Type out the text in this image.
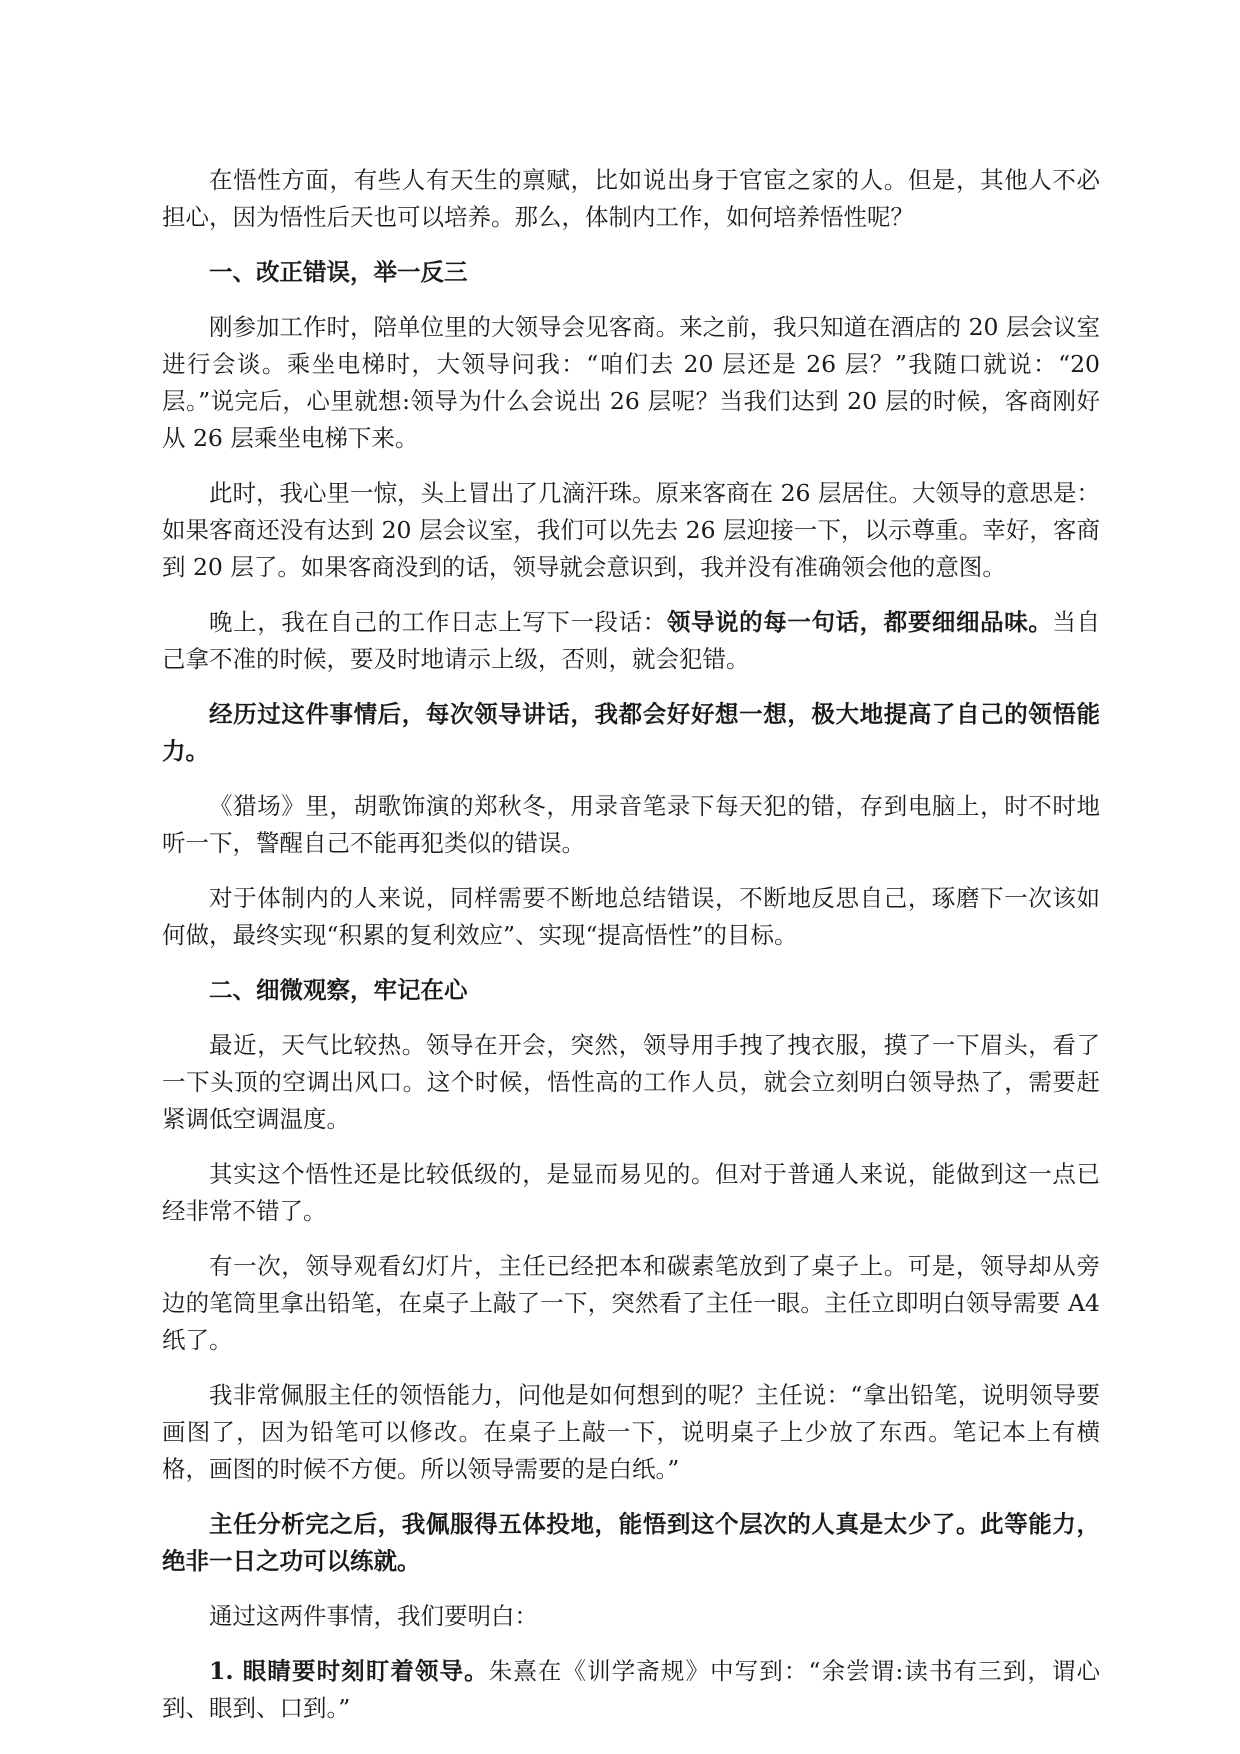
在悟性方面，有些人有天生的禀赋，比如说出身于官宦之家的人。但是，其他人不必担心，因为悟性后天也可以培养。那么，体制内工作，如何培养悟性呢？

一、改正错误，举一反三

刚参加工作时，陪单位里的大领导会见客商。来之前，我只知道在酒店的 20 层会议室进行会谈。乘坐电梯时，大领导问我：“咱们去 20 层还是 26 层？”我随口就说：“20 层。”说完后，心里就想:领导为什么会说出 26 层呢？当我们达到 20 层的时候，客商刚好从 26 层乘坐电梯下来。

此时，我心里一惊，头上冒出了几滴汗珠。原来客商在 26 层居住。大领导的意思是：如果客商还没有达到 20 层会议室，我们可以先去 26 层迎接一下，以示尊重。幸好，客商到 20 层了。如果客商没到的话，领导就会意识到，我并没有准确领会他的意图。

晚上，我在自己的工作日志上写下一段话：领导说的每一句话，都要细细品味。当自己拿不准的时候，要及时地请示上级，否则，就会犯错。

经历过这件事情后，每次领导讲话，我都会好好想一想，极大地提高了自己的领悟能力。

《猎场》里，胡歌饰演的郑秋冬，用录音笔录下每天犯的错，存到电脑上，时不时地听一下，警醒自己不能再犯类似的错误。

对于体制内的人来说，同样需要不断地总结错误，不断地反思自己，琢磨下一次该如何做，最终实现“积累的复利效应”、实现“提高悟性”的目标。

二、细微观察，牢记在心

最近，天气比较热。领导在开会，突然，领导用手拽了拽衣服，摸了一下眉头，看了一下头顶的空调出风口。这个时候，悟性高的工作人员，就会立刻明白领导热了，需要赶紧调低空调温度。

其实这个悟性还是比较低级的，是显而易见的。但对于普通人来说，能做到这一点已经非常不错了。

有一次，领导观看幻灯片，主任已经把本和碳素笔放到了桌子上。可是，领导却从旁边的笔筒里拿出铅笔，在桌子上敲了一下，突然看了主任一眼。主任立即明白领导需要 A4 纸了。

我非常佩服主任的领悟能力，问他是如何想到的呢？主任说：“拿出铅笔，说明领导要画图了，因为铅笔可以修改。在桌子上敲一下，说明桌子上少放了东西。笔记本上有横格，画图的时候不方便。所以领导需要的是白纸。”

主任分析完之后，我佩服得五体投地，能悟到这个层次的人真是太少了。此等能力，绝非一日之功可以练就。

通过这两件事情，我们要明白：

1. 眼睛要时刻盯着领导。朱熹在《训学斋规》中写到：“余尝谓:读书有三到，谓心到、眼到、口到。”
